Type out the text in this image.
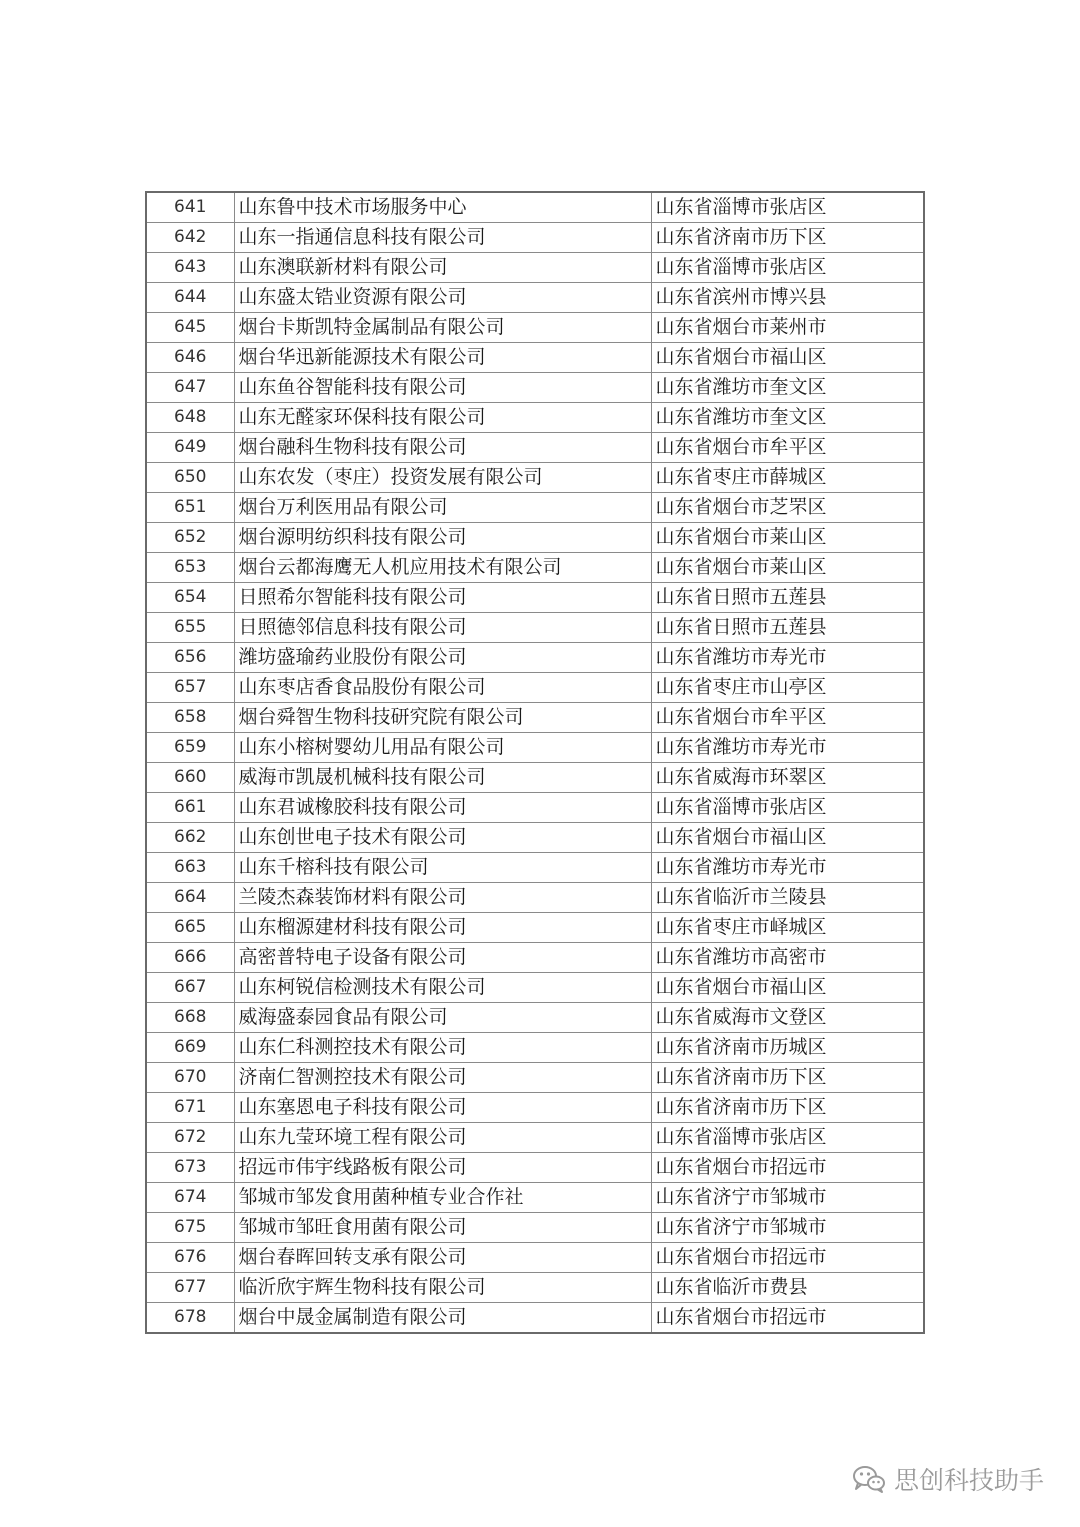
641	山东鲁中技术市场服务中心	山东省淄博市张店区
642	山东一指通信息科技有限公司	山东省济南市历下区
643	山东澳联新材料有限公司	山东省淄博市张店区
644	山东盛太锆业资源有限公司	山东省滨州市博兴县
645	烟台卡斯凯特金属制品有限公司	山东省烟台市莱州市
646	烟台华迅新能源技术有限公司	山东省烟台市福山区
647	山东鱼谷智能科技有限公司	山东省潍坊市奎文区
648	山东无醛家环保科技有限公司	山东省潍坊市奎文区
649	烟台融科生物科技有限公司	山东省烟台市牟平区
650	山东农发（枣庄）投资发展有限公司	山东省枣庄市薛城区
651	烟台万利医用品有限公司	山东省烟台市芝罘区
652	烟台源明纺织科技有限公司	山东省烟台市莱山区
653	烟台云都海鹰无人机应用技术有限公司	山东省烟台市莱山区
654	日照希尔智能科技有限公司	山东省日照市五莲县
655	日照德邻信息科技有限公司	山东省日照市五莲县
656	潍坊盛瑜药业股份有限公司	山东省潍坊市寿光市
657	山东枣店香食品股份有限公司	山东省枣庄市山亭区
658	烟台舜智生物科技研究院有限公司	山东省烟台市牟平区
659	山东小榕树婴幼儿用品有限公司	山东省潍坊市寿光市
660	威海市凯晟机械科技有限公司	山东省威海市环翠区
661	山东君诚橡胶科技有限公司	山东省淄博市张店区
662	山东创世电子技术有限公司	山东省烟台市福山区
663	山东千榕科技有限公司	山东省潍坊市寿光市
664	兰陵杰森装饰材料有限公司	山东省临沂市兰陵县
665	山东榴源建材科技有限公司	山东省枣庄市峄城区
666	高密普特电子设备有限公司	山东省潍坊市高密市
667	山东柯锐信检测技术有限公司	山东省烟台市福山区
668	威海盛泰园食品有限公司	山东省威海市文登区
669	山东仁科测控技术有限公司	山东省济南市历城区
670	济南仁智测控技术有限公司	山东省济南市历下区
671	山东塞恩电子科技有限公司	山东省济南市历下区
672	山东九莹环境工程有限公司	山东省淄博市张店区
673	招远市伟宇线路板有限公司	山东省烟台市招远市
674	邹城市邹发食用菌种植专业合作社	山东省济宁市邹城市
675	邹城市邹旺食用菌有限公司	山东省济宁市邹城市
676	烟台春晖回转支承有限公司	山东省烟台市招远市
677	临沂欣宇辉生物科技有限公司	山东省临沂市费县
678	烟台中晟金属制造有限公司	山东省烟台市招远市
思创科技助手
